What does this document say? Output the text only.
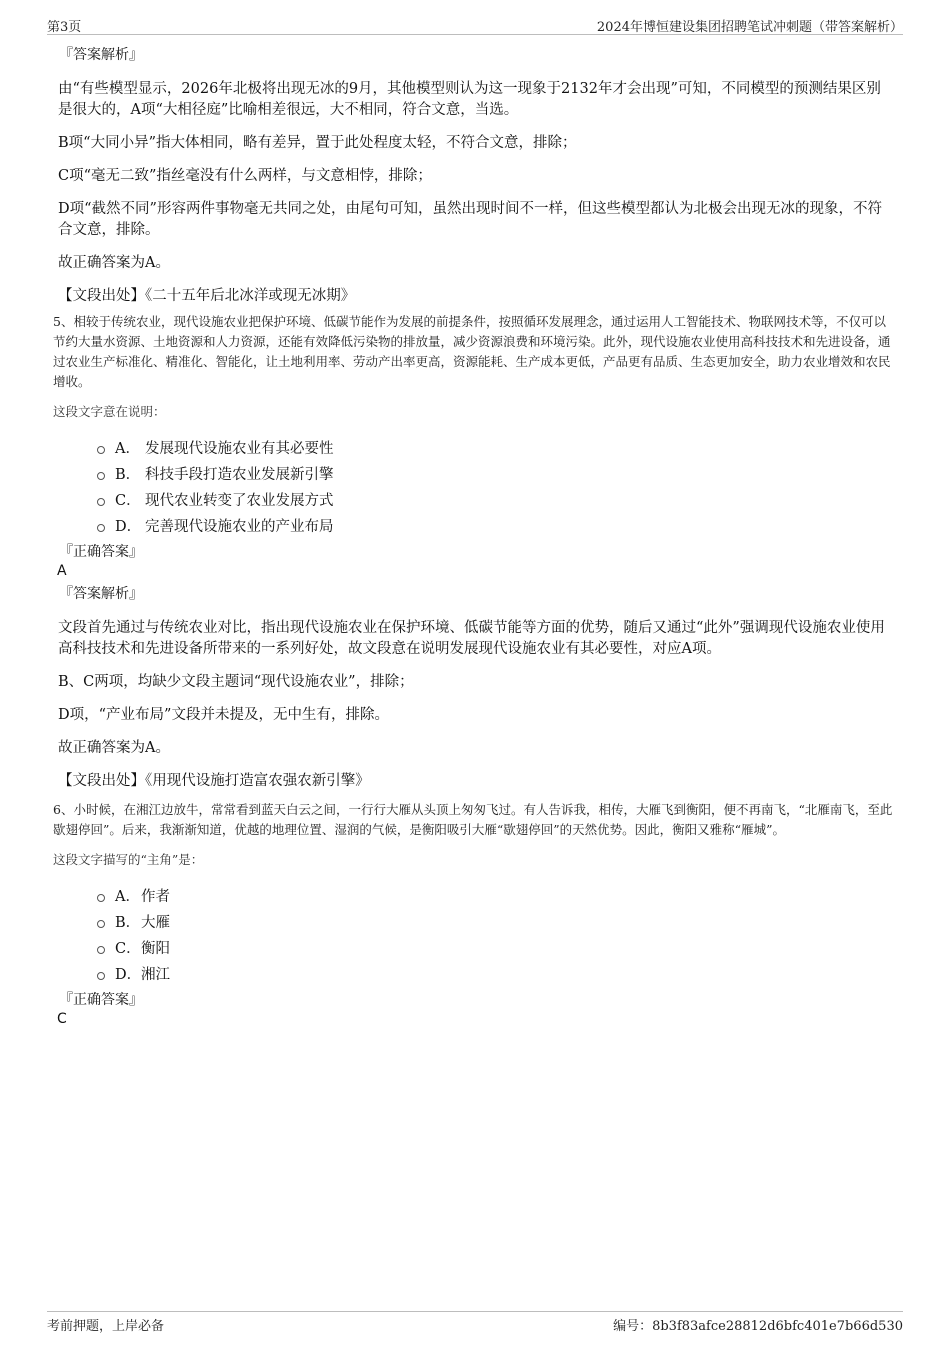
第3页	2024年博恒建设集团招聘笔试冲刺题（带答案解析）
『答案解析』

由“有些模型显示，2026年北极将出现无冰的9月，其他模型则认为这一现象于2132年才会出现”可知，不同模型的预测结果区别是很大的，A项“大相径庭”比喻相差很远，大不相同，符合文意，当选。

B项“大同小异”指大体相同，略有差异，置于此处程度太轻，不符合文意，排除；

C项“毫无二致”指丝毫没有什么两样，与文意相悖，排除；

D项“截然不同”形容两件事物毫无共同之处，由尾句可知，虽然出现时间不一样，但这些模型都认为北极会出现无冰的现象，不符合文意，排除。

故正确答案为A。

【文段出处】《二十五年后北冰洋或现无冰期》
5、相较于传统农业，现代设施农业把保护环境、低碳节能作为发展的前提条件，按照循环发展理念，通过运用人工智能技术、物联网技术等，不仅可以节约大量水资源、土地资源和人力资源，还能有效降低污染物的排放量，减少资源浪费和环境污染。此外，现代设施农业使用高科技技术和先进设备，通过农业生产标准化、精准化、智能化，让土地利用率、劳动产出率更高，资源能耗、生产成本更低，产品更有品质、生态更加安全，助力农业增效和农民增收。
这段文字意在说明：
A． 发展现代设施农业有其必要性
B． 科技手段打造农业发展新引擎
C． 现代农业转变了农业发展方式
D． 完善现代设施农业的产业布局
『正确答案』
A
『答案解析』

文段首先通过与传统农业对比，指出现代设施农业在保护环境、低碳节能等方面的优势，随后又通过“此外”强调现代设施农业使用高科技技术和先进设备所带来的一系列好处，故文段意在说明发展现代设施农业有其必要性，对应A项。

B、C两项，均缺少文段主题词“现代设施农业”，排除；

D项，“产业布局”文段并未提及，无中生有，排除。

故正确答案为A。

【文段出处】《用现代设施打造富农强农新引擎》
6、小时候，在湘江边放牛，常常看到蓝天白云之间，一行行大雁从头顶上匆匆飞过。有人告诉我，相传，大雁飞到衡阳，便不再南飞，“北雁南飞，至此歇翅停回”。后来，我渐渐知道，优越的地理位置、湿润的气候，是衡阳吸引大雁“歇翅停回”的天然优势。因此，衡阳又雅称“雁城”。
这段文字描写的“主角”是：
A． 作者
B． 大雁
C． 衡阳
D． 湘江
『正确答案』
C
考前押题，上岸必备	编号：8b3f83afce28812d6bfc401e7b66d530
